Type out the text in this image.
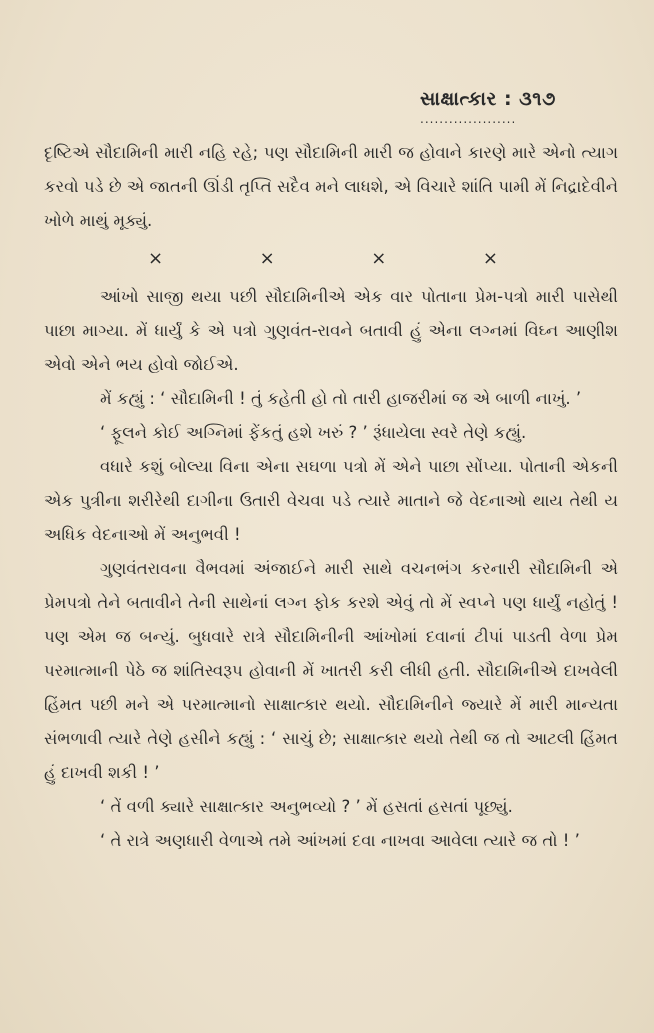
સાક્ષાત્કાર : ૩૧૭
....................

દૃષ્ટિએ સૌદામિની મારી નહિ રહે; પણ સૌદામિની મારી જ હોવાને કારણે મારે એનો ત્યાગ કરવો પડે છે એ જાતની ઊંડી તૃપ્તિ સદૈવ મને લાધશે, એ વિચારે શાંતિ પામી મેં નિદ્રાદેવીને ખોળે માથું મૂક્યું.

×	×	×	×

આંખો સાજી થયા પછી સૌદામિનીએ એક વાર પોતાના પ્રેમ-પત્રો મારી પાસેથી પાછા માગ્યા. મેં ધાર્યું કે એ પત્રો ગુણવંત-રાવને બતાવી હું એના લગ્નમાં વિઘ્ન આણીશ એવો એને ભય હોવો જોઈએ.

મેં કહ્યું : ‘ સૌદામિની ! તું કહેતી હો તો તારી હાજરીમાં જ એ બાળી નાખું. ’

‘ ફૂલને કોઈ અગ્નિમાં ફેંકતું હશે ખરું ? ’ રૂંધાયેલા સ્વરે તેણે કહ્યું.

વધારે કશું બોલ્યા વિના એના સઘળા પત્રો મેં એને પાછા સોંપ્યા. પોતાની એકની એક પુત્રીના શરીરેથી દાગીના ઉતારી વેચવા પડે ત્યારે માતાને જે વેદનાઓ થાય તેથી ય અધિક વેદનાઓ મેં અનુભવી !

ગુણવંતરાવના વૈભવમાં અંજાઈને મારી સાથે વચનભંગ કરનારી સૌદામિની એ પ્રેમપત્રો તેને બતાવીને તેની સાથેનાં લગ્ન ફોક કરશે એવું તો મેં સ્વપ્ને પણ ધાર્યું નહોતું ! પણ એમ જ બન્યું. બુધવારે રાત્રે સૌદામિનીની આંખોમાં દવાનાં ટીપાં પાડતી વેળા પ્રેમ પરમાત્માની પેઠે જ શાંતિસ્વરૂપ હોવાની મેં ખાતરી કરી લીધી હતી. સૌદામિનીએ દાખવેલી હિંમત પછી મને એ પરમાત્માનો સાક્ષાત્કાર થયો. સૌદામિનીને જ્યારે મેં મારી માન્યતા સંભળાવી ત્યારે તેણે હસીને કહ્યું : ‘ સાચું છે; સાક્ષાત્કાર થયો તેથી જ તો આટલી હિંમત હું દાખવી શકી ! ’

‘ તેં વળી ક્યારે સાક્ષાત્કાર અનુભવ્યો ? ’ મેં હસતાં હસતાં પૂછ્યું.

‘ તે રાત્રે અણધારી વેળાએ તમે આંખમાં દવા નાખવા આવેલા ત્યારે જ તો ! ’
